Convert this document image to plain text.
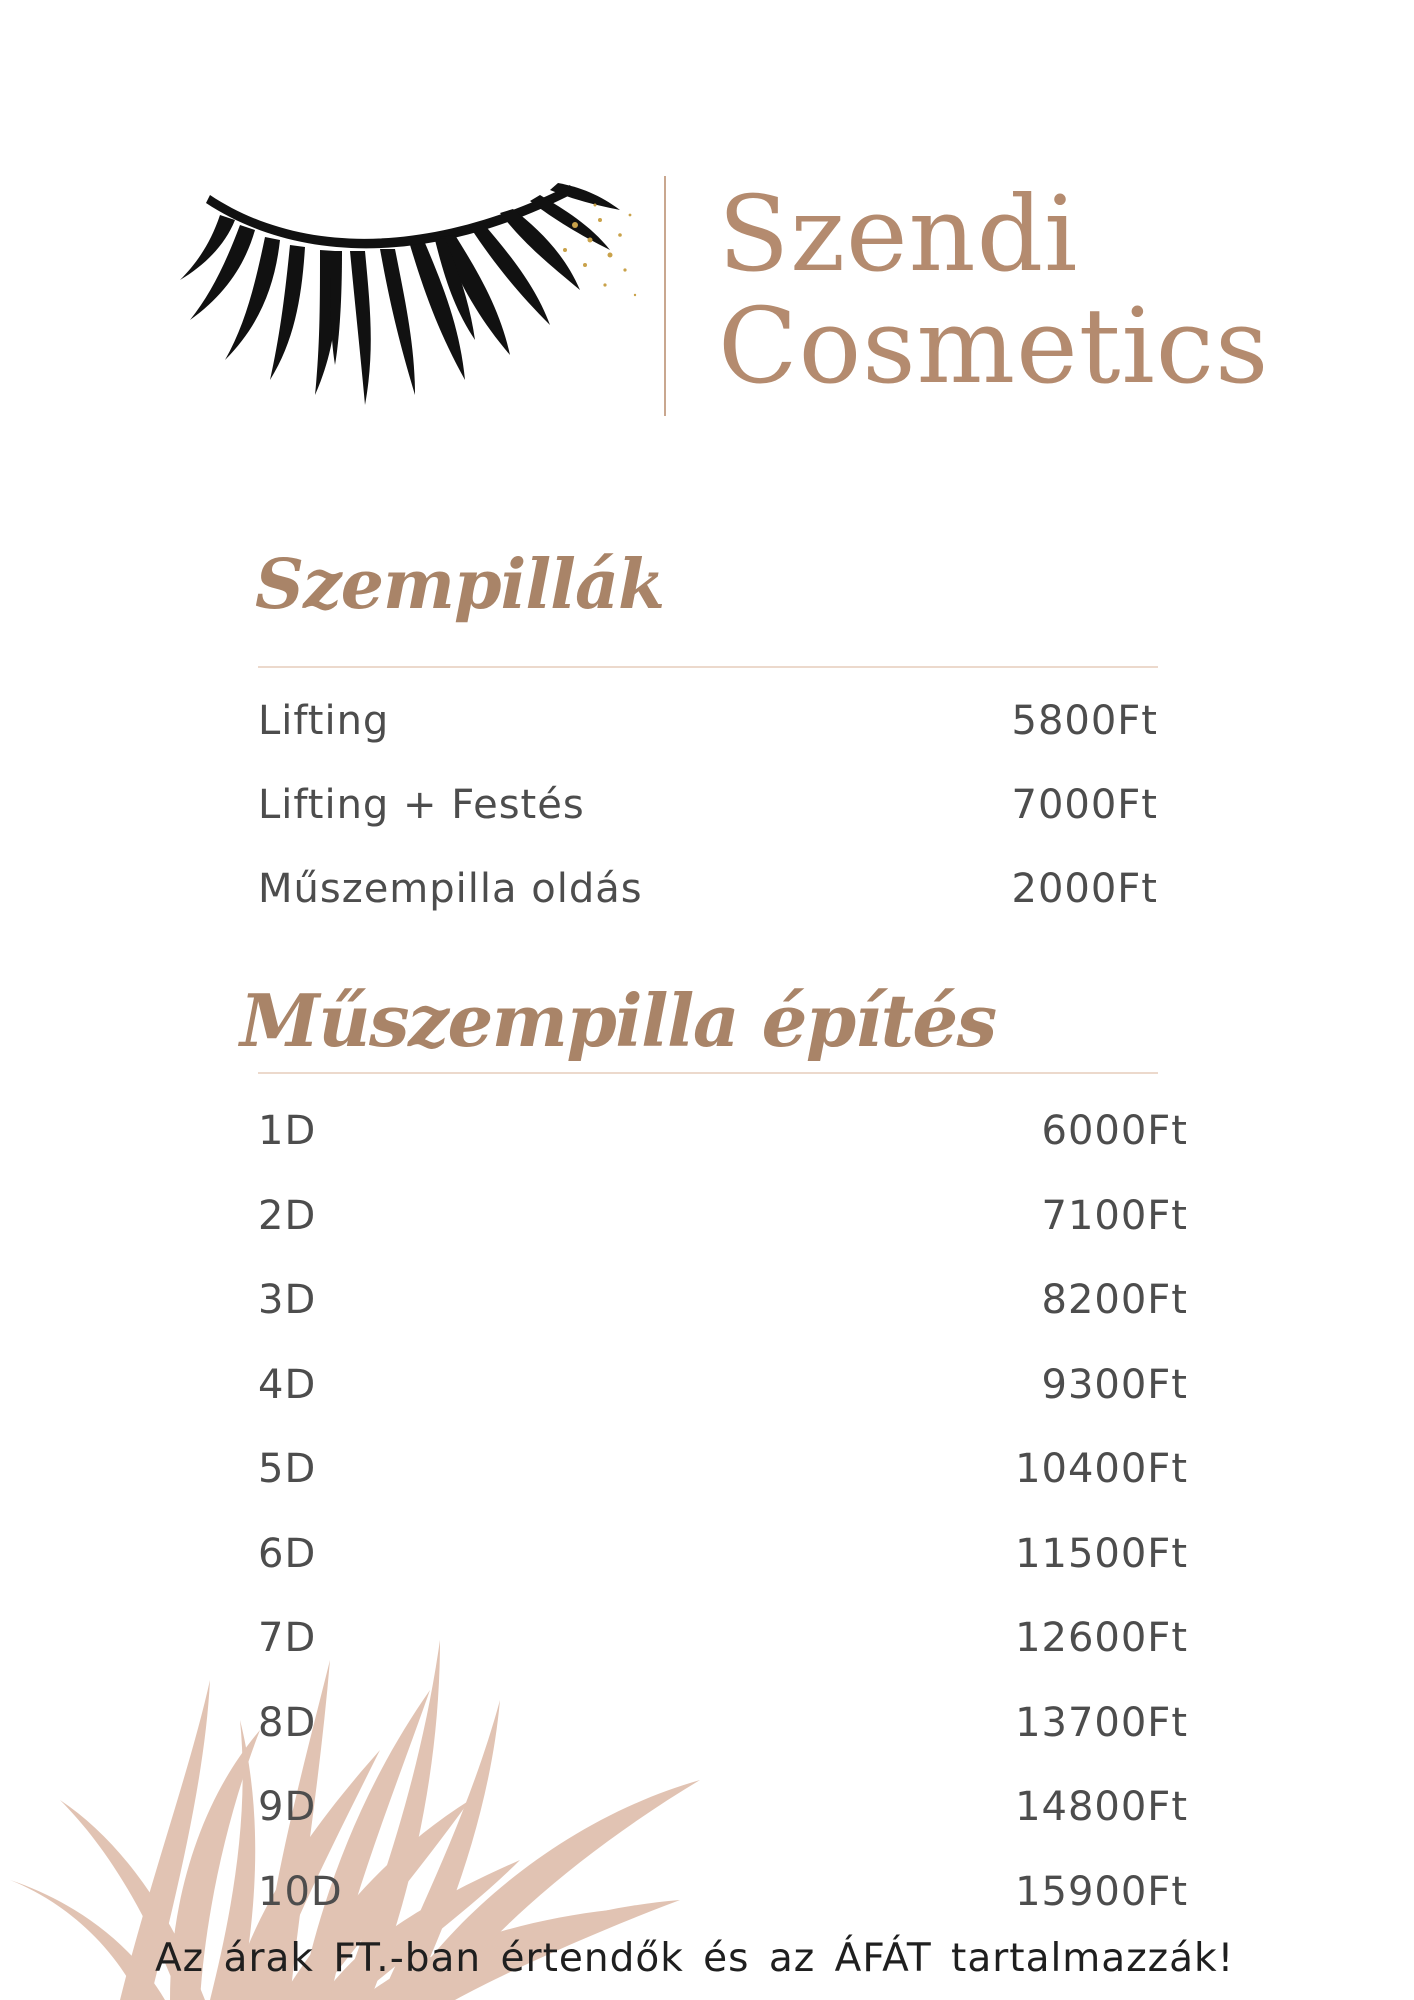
Szendi
Cosmetics
Szempillák
Lifting	5800Ft
Lifting + Festés	7000Ft
Műszempilla oldás	2000Ft
Műszempilla építés
1D	6000Ft
2D	7100Ft
3D	8200Ft
4D	9300Ft
5D	10400Ft
6D	11500Ft
7D	12600Ft
8D	13700Ft
9D	14800Ft
10D	15900Ft

Az árak FT.-ban értendők és az ÁFÁT tartalmazzák!
